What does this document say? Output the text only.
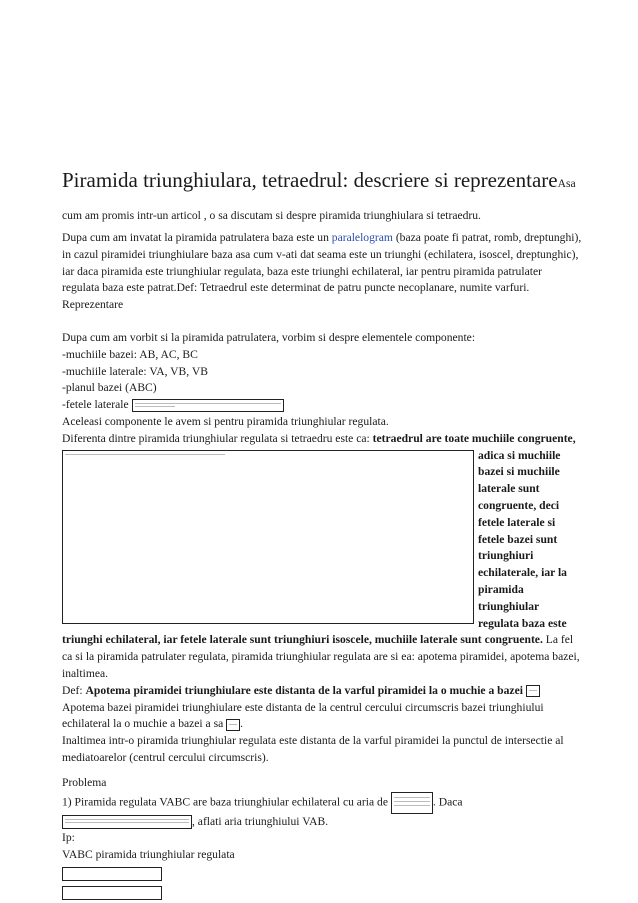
Piramida triunghiulara, tetraedrul: descriere si reprezentareAsa cum am promis intr-un articol , o sa discutam si despre piramida triunghiulara si tetraedru.

Dupa cum am invatat la piramida patrulatera baza este un paralelogram (baza poate fi patrat, romb, dreptunghi), in cazul piramidei triunghiulare baza asa cum v-ati dat seama este un triunghi (echilatera, isoscel, dreptunghic), iar daca piramida este triunghiular regulata, baza este triunghi echilateral, iar pentru piramida patrulater regulata baza este patrat.Def: Tetraedrul este determinat de patru puncte necoplanare, numite varfuri.

Reprezentare

Dupa cum am vorbit si la piramida patrulatera, vorbim si despre elementele componente:

-muchiile bazei: AB, AC, BC

-muchiile laterale: VA, VB, VB

-planul bazei (ABC)

-fetele laterale

Aceleasi componente le avem si pentru piramida triunghiular regulata.

Diferenta dintre piramida triunghiular regulata si tetraedru este ca:
tetraedrul are toate muchiile congruente, adica si muchiile bazei si muchiile laterale sunt congruente, deci fetele laterale si fetele bazei sunt triunghiuri echilaterale, iar la piramida triunghiular regulata baza este triunghi echilateral, iar fetele laterale sunt triunghiuri isoscele, muchiile laterale sunt congruente. La fel ca si la piramida patrulater regulata, piramida triunghiular regulata are si ea: apotema piramidei, apotema bazei, inaltimea.

Def: Apotema piramidei triunghiulare este distanta de la varful piramidei la o muchie a bazei

Apotema bazei piramidei triunghiulare este distanta de la centrul cercului circumscris bazei triunghiului echilateral la o muchie a bazei a sa .

Inaltimea intr-o piramida triunghiular regulata este distanta de la varful piramidei la punctul de intersectie al mediatoarelor (centrul cercului circumscris).

Problema

1) Piramida regulata VABC are baza triunghiular echilateral cu aria de	. Daca
, aflati aria triunghiului VAB.

Ip:

VABC piramida triunghiular regulata
